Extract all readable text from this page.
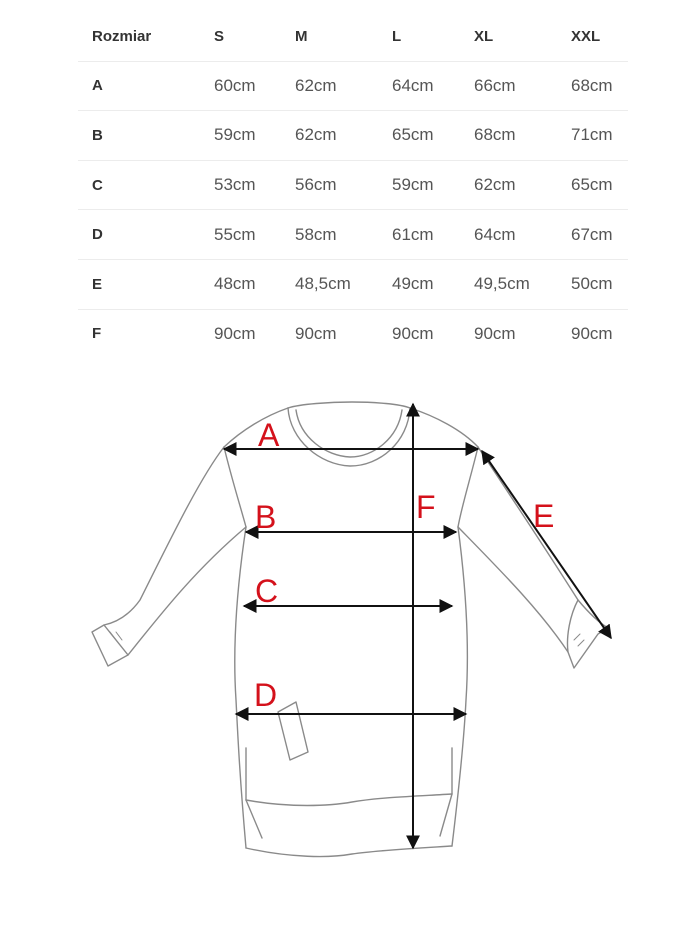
Rozmiar	S	M	L	XL	XXL
A	60cm	62cm	64cm	66cm	68cm
B	59cm	62cm	65cm	68cm	71cm
C	53cm	56cm	59cm	62cm	65cm
D	55cm	58cm	61cm	64cm	67cm
E	48cm	48,5cm	49cm	49,5cm	50cm
F	90cm	90cm	90cm	90cm	90cm
A
B
C
D
E
F
